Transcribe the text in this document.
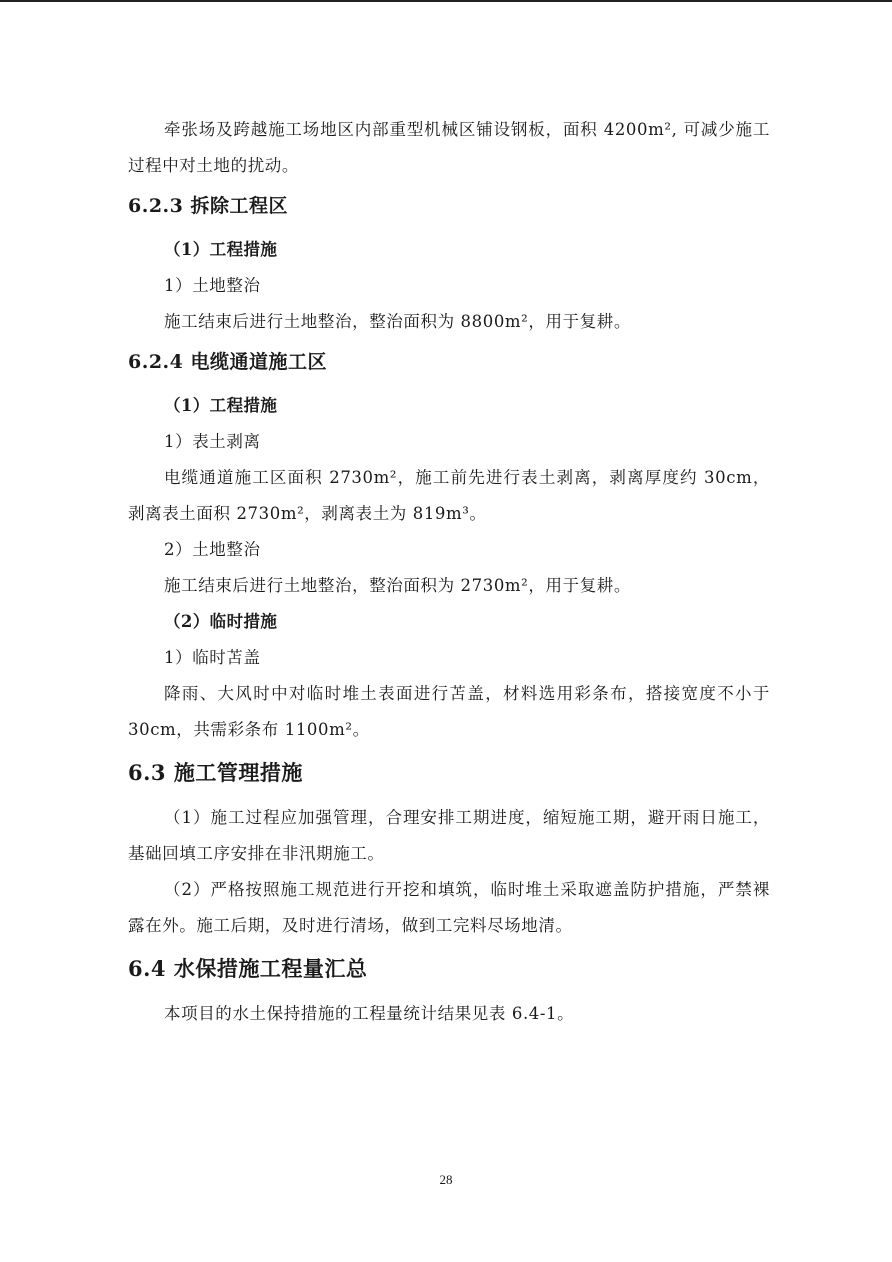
牵张场及跨越施工场地区内部重型机械区铺设钢板，面积 4200m², 可减少施工过程中对土地的扰动。

6.2.3 拆除工程区
（1）工程措施
1）土地整治

施工结束后进行土地整治，整治面积为 8800m²，用于复耕。

6.2.4 电缆通道施工区
（1）工程措施
1）表土剥离

电缆通道施工区面积 2730m²，施工前先进行表土剥离，剥离厚度约 30cm，剥离表土面积 2730m²，剥离表土为 819m³。

2）土地整治

施工结束后进行土地整治，整治面积为 2730m²，用于复耕。

（2）临时措施
1）临时苫盖

降雨、大风时中对临时堆土表面进行苫盖，材料选用彩条布，搭接宽度不小于30cm，共需彩条布 1100m²。

6.3 施工管理措施

（1）施工过程应加强管理，合理安排工期进度，缩短施工期，避开雨日施工，基础回填工序安排在非汛期施工。

（2）严格按照施工规范进行开挖和填筑，临时堆土采取遮盖防护措施，严禁裸露在外。施工后期，及时进行清场，做到工完料尽场地清。

6.4 水保措施工程量汇总

本项目的水土保持措施的工程量统计结果见表 6.4-1。

28
